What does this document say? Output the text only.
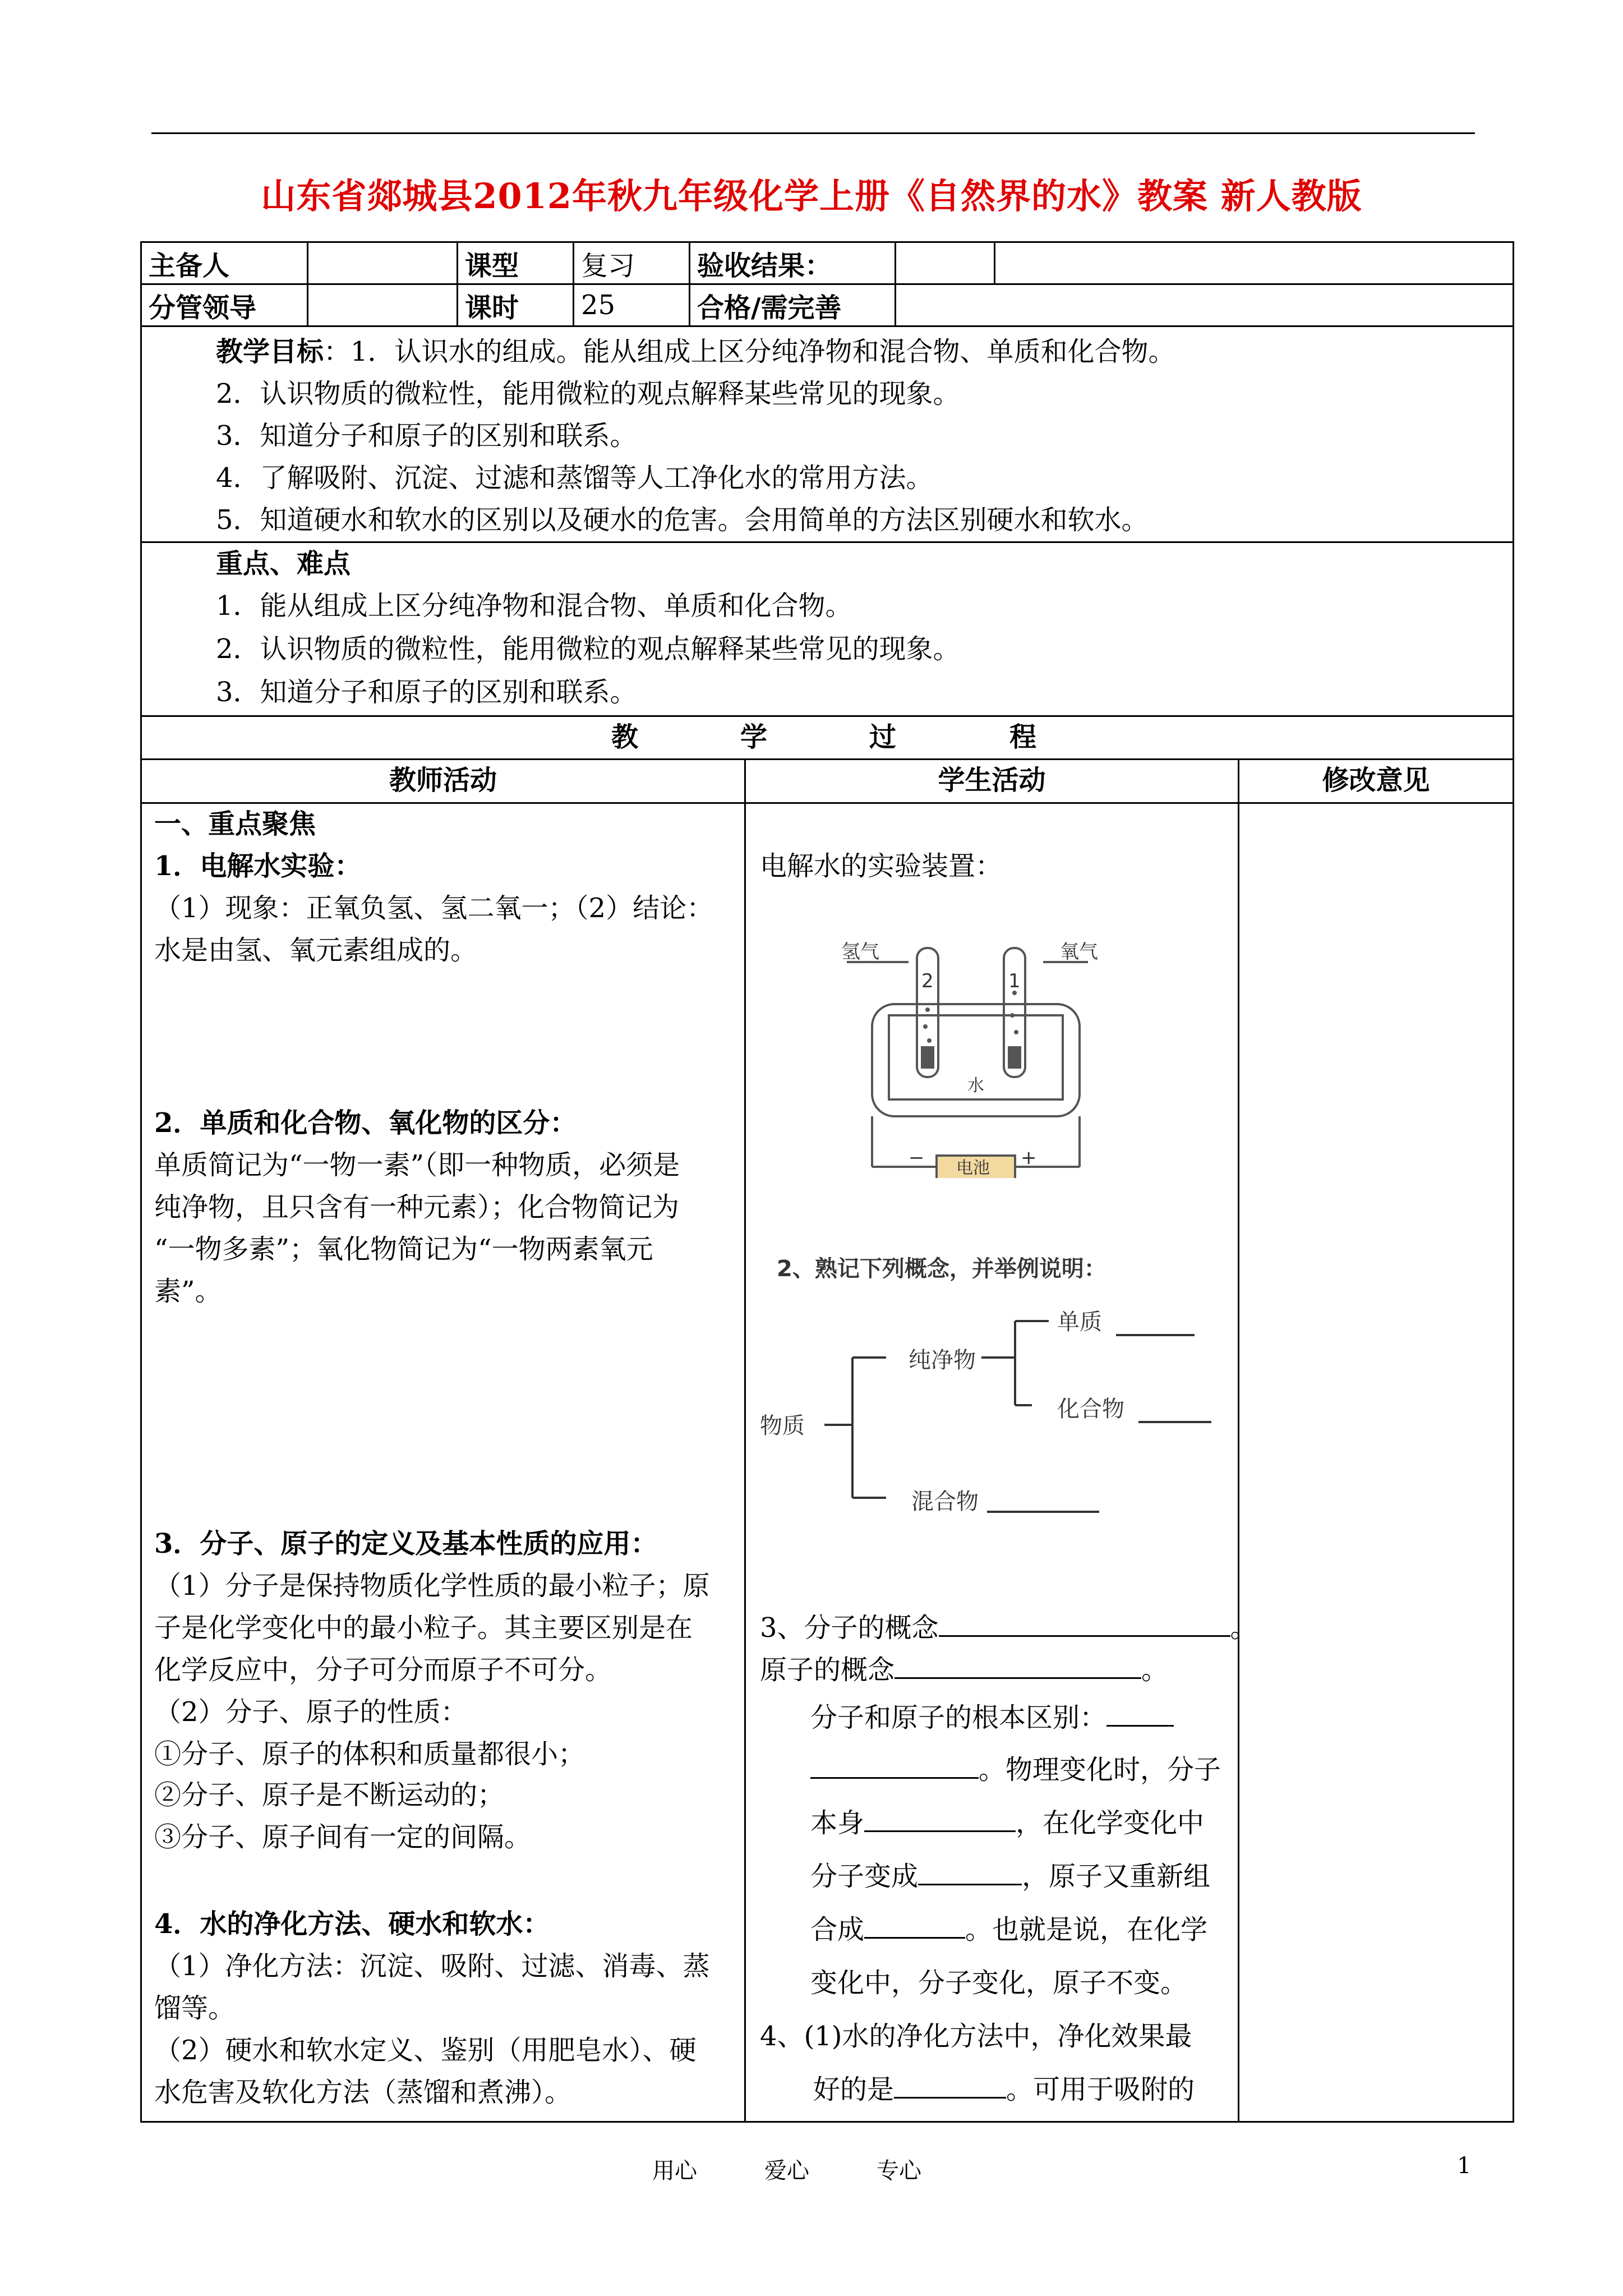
山东省郯城县2012年秋九年级化学上册《自然界的水》教案 新人教版
主备人		课型	复习	验收结果：		
分管领导		课时	25	合格/需完善		
教学目标：1．认识水的组成。能从组成上区分纯净物和混合物、单质和化合物。
2．认识物质的微粒性，能用微粒的观点解释某些常见的现象。
3．知道分子和原子的区别和联系。
4．了解吸附、沉淀、过滤和蒸馏等人工净化水的常用方法。
5．知道硬水和软水的区别以及硬水的危害。会用简单的方法区别硬水和软水。
重点、难点
1．能从组成上区分纯净物和混合物、单质和化合物。
2．认识物质的微粒性，能用微粒的观点解释某些常见的现象。
3．知道分子和原子的区别和联系。
教	学	过	程
教师活动	学生活动	修改意见
一、重点聚焦
1．电解水实验：
（1）现象：正氧负氢、氢二氧一；（2）结论：
水是由氢、氧元素组成的。
2．单质和化合物、氧化物的区分：
单质简记为“一物一素”（即一种物质，必须是
纯净物，且只含有一种元素）；化合物简记为
“一物多素”；氧化物简记为“一物两素氧元
素”。
3．分子、原子的定义及基本性质的应用：
（1）分子是保持物质化学性质的最小粒子；原
子是化学变化中的最小粒子。其主要区别是在
化学反应中，分子可分而原子不可分。
（2）分子、原子的性质：
①分子、原子的体积和质量都很小；
②分子、原子是不断运动的；
③分子、原子间有一定的间隔。
4．水的净化方法、硬水和软水：
（1）净化方法：沉淀、吸附、过滤、消毒、蒸
馏等。
（2）硬水和软水定义、鉴别（用肥皂水）、硬
水危害及软化方法（蒸馏和煮沸）。
电解水的实验装置：
氢气	氧气
2	1
水
电池
−	+
2、熟记下列概念，并举例说明：
物质
纯净物
单质
化合物
混合物
3、分子的概念	。
原子的概念	。
分子和原子的根本区别：
。物理变化时，分子
本身	，在化学变化中
分子变成	，原子又重新组
合成	。也就是说，在化学
变化中，分子变化，原子不变。
4、(1)水的净化方法中，净化效果最
好的是	。可用于吸附的
用心	爱心	专心	1
